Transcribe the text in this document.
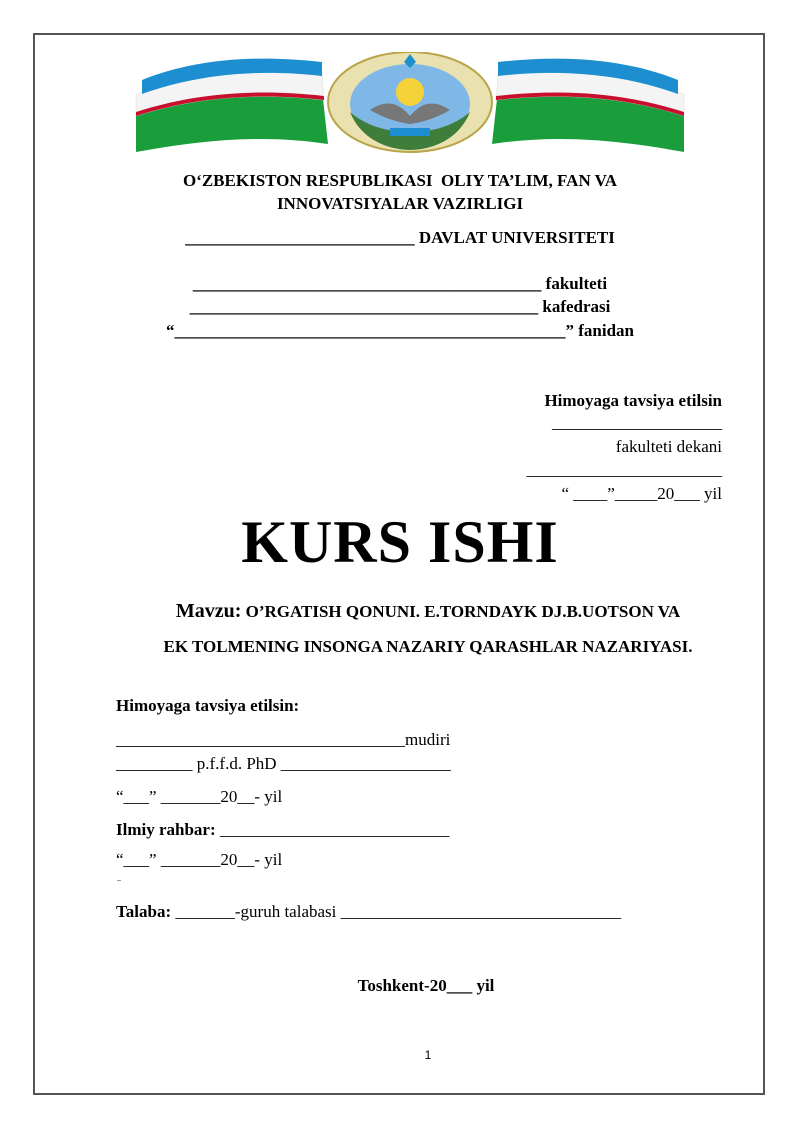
O‘ZBEKISTON RESPUBLIKASI  OLIY TA’LIM, FAN VA
INNOVATSIYALAR VAZIRLIGI
___________________________ DAVLAT UNIVERSITETI
_________________________________________ fakulteti
_________________________________________ kafedrasi
“______________________________________________” fanidan
Himoyaga tavsiya etilsin
____________________
fakulteti dekani
_______________________
“ ____”_____20___ yil
KURS ISHI
Mavzu: O’RGATISH QONUNI. E.TORNDAYK DJ.B.UOTSON VA
EK TOLMENING INSONGA NAZARIY QARASHLAR NAZARIYASI.
Himoyaga tavsiya etilsin:
__________________________________mudiri
_________ p.f.f.d. PhD ____________________
“___” _______20__- yil
Ilmiy rahbar: ___________________________
“___” _______20__- yil
Talaba: _______-guruh talabasi _________________________________
Toshkent-20___ yil
1
